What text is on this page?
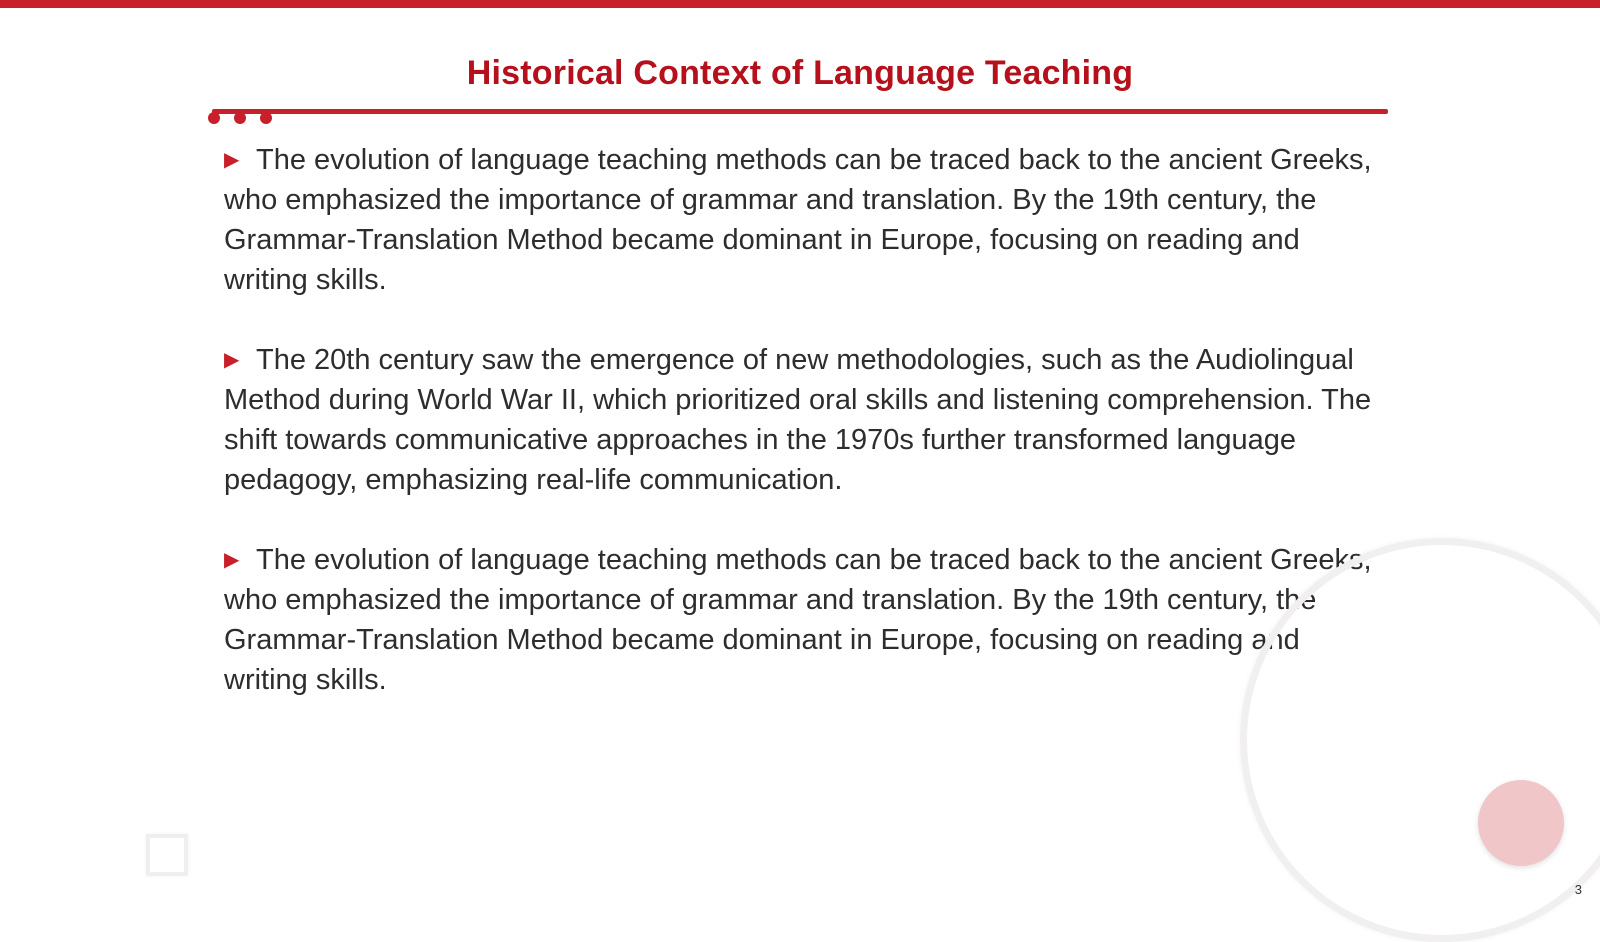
Historical Context of Language Teaching

▶ The evolution of language teaching methods can be traced back to the ancient Greeks, who emphasized the importance of grammar and translation. By the 19th century, the Grammar-Translation Method became dominant in Europe, focusing on reading and writing skills.

▶ The 20th century saw the emergence of new methodologies, such as the Audiolingual Method during World War II, which prioritized oral skills and listening comprehension. The shift towards communicative approaches in the 1970s further transformed language pedagogy, emphasizing real-life communication.

▶ The evolution of language teaching methods can be traced back to the ancient Greeks, who emphasized the importance of grammar and translation. By the 19th century, the Grammar-Translation Method became dominant in Europe, focusing on reading and writing skills.

3
